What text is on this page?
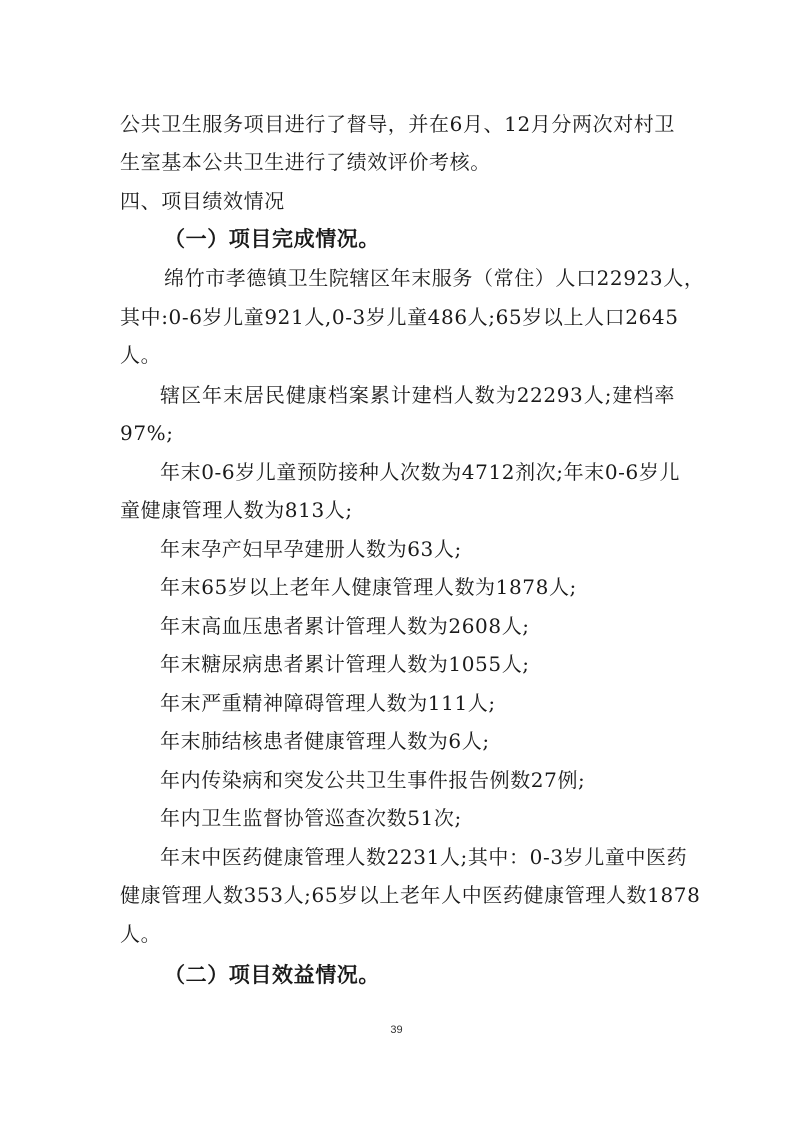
公共卫生服务项目进行了督导，并在6月、12月分两次对村卫
生室基本公共卫生进行了绩效评价考核。
四、项目绩效情况
（一）项目完成情况。
绵竹市孝德镇卫生院辖区年末服务（常住）人口22923人，
其中:0-6岁儿童921人,0-3岁儿童486人;65岁以上人口2645
人。
辖区年末居民健康档案累计建档人数为22293人;建档率
97%;
年末0-6岁儿童预防接种人次数为4712剂次;年末0-6岁儿
童健康管理人数为813人;
年末孕产妇早孕建册人数为63人;
年末65岁以上老年人健康管理人数为1878人;
年末高血压患者累计管理人数为2608人;
年末糖尿病患者累计管理人数为1055人;
年末严重精神障碍管理人数为111人;
年末肺结核患者健康管理人数为6人;
年内传染病和突发公共卫生事件报告例数27例;
年内卫生监督协管巡查次数51次;
年末中医药健康管理人数2231人;其中：0-3岁儿童中医药
健康管理人数353人;65岁以上老年人中医药健康管理人数1878
人。
（二）项目效益情况。
39
